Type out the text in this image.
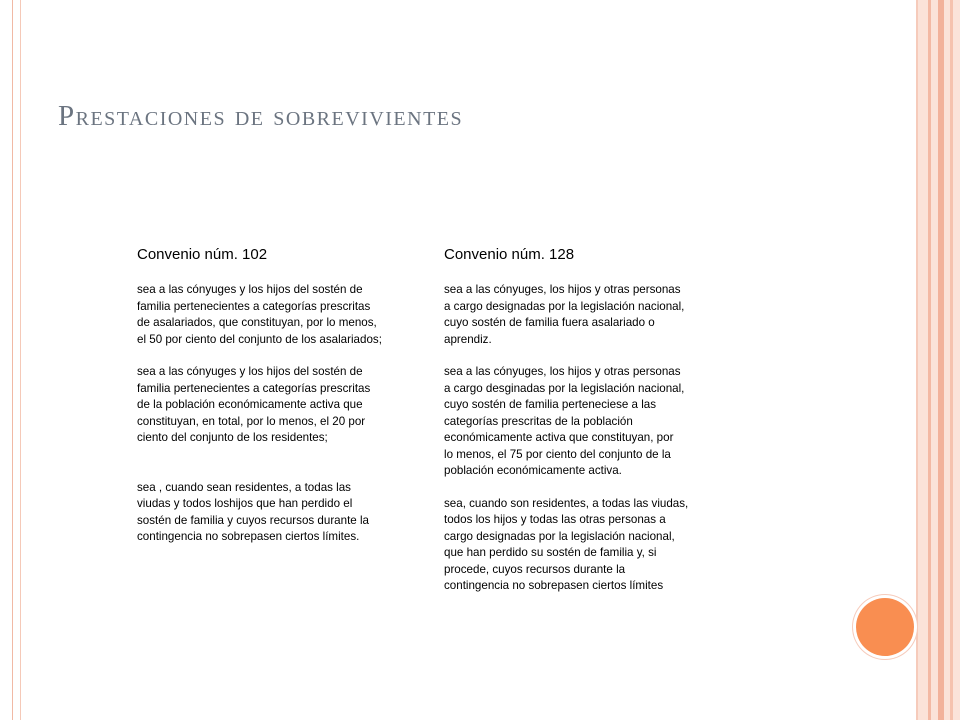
Prestaciones de sobrevivientes
Convenio núm. 102
sea a las cónyuges y los hijos del sostén de
familia pertenecientes a categorías prescritas
de asalariados, que constituyan, por lo menos,
el 50 por ciento del conjunto de los asalariados;
sea a las cónyuges y los hijos del sostén de
familia pertenecientes a categorías prescritas
de la población económicamente activa que
constituyan, en total, por lo menos, el 20 por
ciento del conjunto de los residentes;
sea , cuando sean residentes, a todas las
viudas y todos loshijos que han perdido el
sostén de familia y cuyos recursos durante la
contingencia no sobrepasen ciertos límites.
Convenio núm. 128
sea a las cónyuges, los hijos y otras personas
a cargo designadas por la legislación nacional,
cuyo sostén de familia fuera asalariado o
aprendiz.
sea a las cónyuges, los hijos y otras personas
a cargo desginadas por la legislación nacional,
cuyo sostén de familia perteneciese a las
categorías prescritas de la población
económicamente activa que constituyan, por
lo menos, el 75 por ciento del conjunto de la
población económicamente activa.
sea, cuando son residentes, a todas las viudas,
todos los hijos y todas las otras personas a
cargo designadas por la legislación nacional,
que han perdido su sostén de familia y, si
procede, cuyos recursos durante la
contingencia no sobrepasen ciertos límites
